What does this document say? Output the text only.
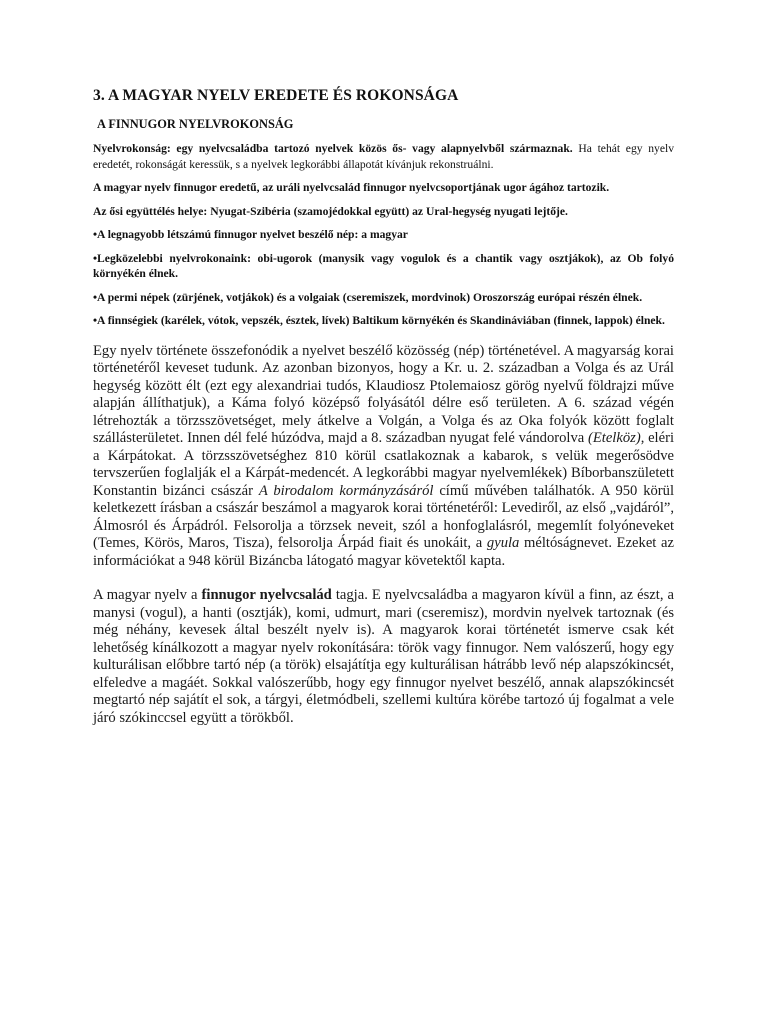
3. A MAGYAR NYELV EREDETE ÉS ROKONSÁGA
A FINNUGOR NYELVROKONSÁG

Nyelvrokonság: egy nyelvcsaládba tartozó nyelvek közös ős- vagy alapnyelvből származnak. Ha tehát egy nyelv eredetét, rokonságát keressük, s a nyelvek legkorábbi állapotát kívánjuk rekonstruálni.

A magyar nyelv finnugor eredetű, az uráli nyelvcsalád finnugor nyelvcsoportjának ugor ágához tartozik.

Az ősi együttélés helye: Nyugat-Szibéria (szamojédokkal együtt) az Ural-hegység nyugati lejtője.

•A legnagyobb létszámú finnugor nyelvet beszélő nép: a magyar

•Legközelebbi nyelvrokonaink: obi-ugorok (manysik vagy vogulok és a chantik vagy osztjákok), az Ob folyó környékén élnek.

•A permi népek (zürjének, votjákok) és a volgaiak (cseremiszek, mordvinok) Oroszország európai részén élnek.

•A finnségiek (karélek, vótok, vepszék, észtek, lívek) Baltikum környékén és Skandináviában (finnek, lappok) élnek.

Egy nyelv története összefonódik a nyelvet beszélő közösség (nép) történetével. A magyarság korai történetéről keveset tudunk. Az azonban bizonyos, hogy a Kr. u. 2. században a Volga és az Urál hegység között élt (ezt egy alexandriai tudós, Klaudiosz Ptolemaiosz görög nyelvű földrajzi műve alapján állíthatjuk), a Káma folyó középső folyásától délre eső területen. A 6. század végén létrehozták a törzsszövetséget, mely átkelve a Volgán, a Volga és az Oka folyók között foglalt szállásterületet. Innen dél felé húzódva, majd a 8. században nyugat felé vándorolva (Etelköz), eléri a Kárpátokat. A törzsszövetséghez 810 körül csatlakoznak a kabarok, s velük megerősödve tervszerűen foglalják el a Kárpát-medencét. A legkorábbi magyar nyelvemlékek) Bíborbanszületett Konstantin bizánci császár A birodalom kormányzásáról című művében találhatók. A 950 körül keletkezett írásban a császár beszámol a magyarok korai történetéről: Levediről, az első „vajdáról”, Álmosról és Árpádról. Felsorolja a törzsek neveit, szól a honfoglalásról, megemlít folyóneveket (Temes, Körös, Maros, Tisza), felsorolja Árpád fiait és unokáit, a gyula méltóságnevet. Ezeket az információkat a 948 körül Bizáncba látogató magyar követektől kapta.

A magyar nyelv a finnugor nyelvcsalád tagja. E nyelvcsaládba a magyaron kívül a finn, az észt, a manysi (vogul), a hanti (osztják), komi, udmurt, mari (cseremisz), mordvin nyelvek tartoznak (és még néhány, kevesek által beszélt nyelv is). A magyarok korai történetét ismerve csak két lehetőség kínálkozott a magyar nyelv rokonítására: török vagy finnugor. Nem valószerű, hogy egy kulturálisan előbbre tartó nép (a török) elsajátítja egy kulturálisan hátrább levő nép alapszókincsét, elfeledve a magáét. Sokkal valószerűbb, hogy egy finnugor nyelvet beszélő, annak alapszókincsét megtartó nép sajátít el sok, a tárgyi, életmódbeli, szellemi kultúra körébe tartozó új fogalmat a vele járó szókinccsel együtt a törökből.
